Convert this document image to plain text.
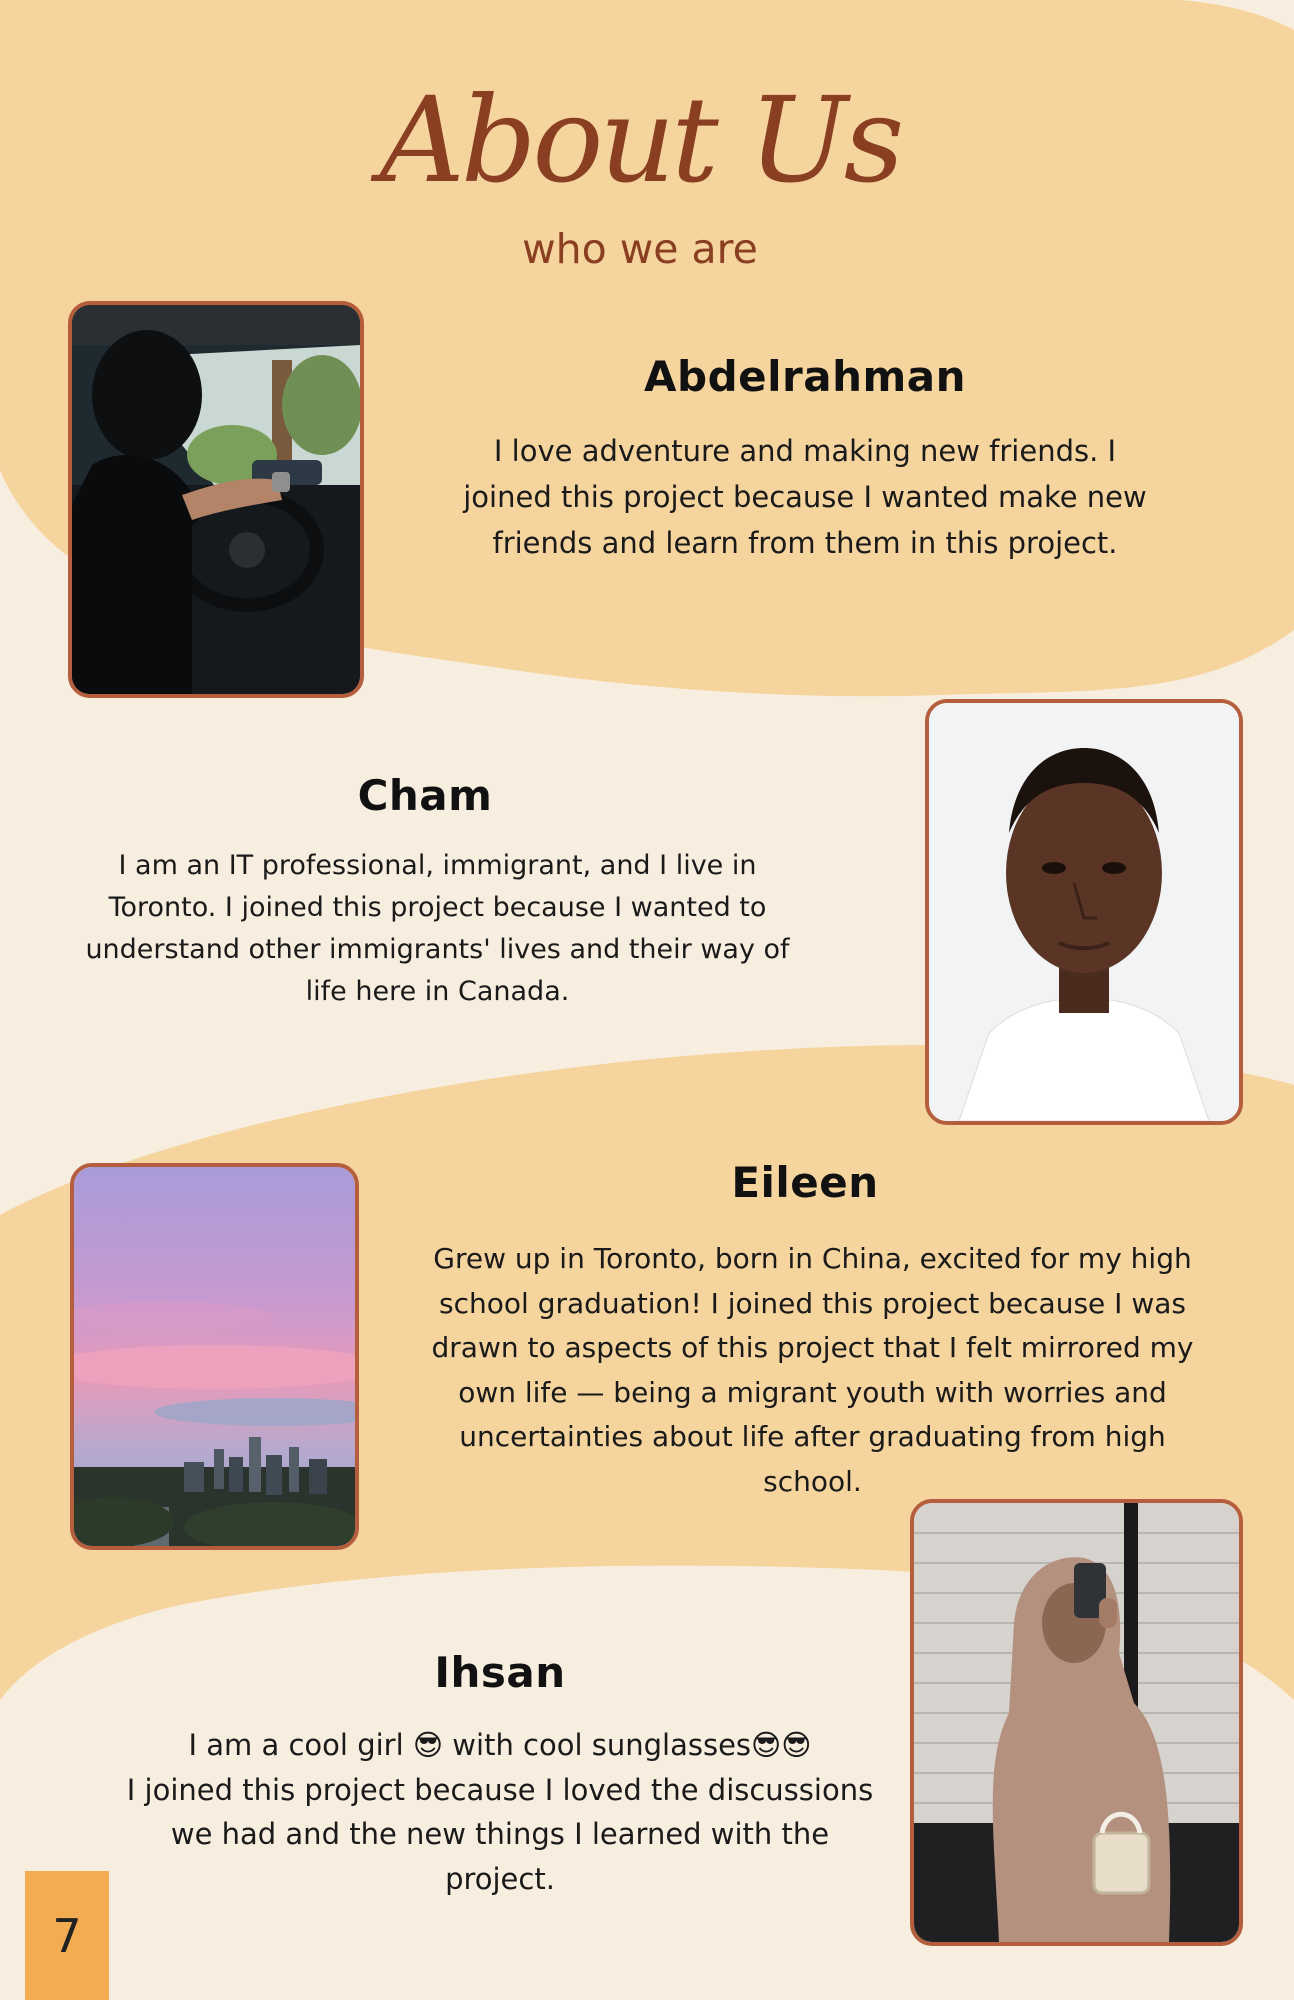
About Us
who we are
Abdelrahman

I love adventure and making new friends. I joined this project because I wanted make new friends and learn from them in this project.

Cham

I am an IT professional, immigrant, and I live in Toronto. I joined this project because I wanted to understand other immigrants' lives and their way of life here in Canada.

Eileen

Grew up in Toronto, born in China, excited for my high school graduation! I joined this project because I was drawn to aspects of this project that I felt mirrored my own life — being a migrant youth with worries and uncertainties about life after graduating from high school.

Ihsan

I am a cool girl 😎 with cool sunglasses😎😎
I joined this project because I loved the discussions we had and the new things I learned with the project.

7
